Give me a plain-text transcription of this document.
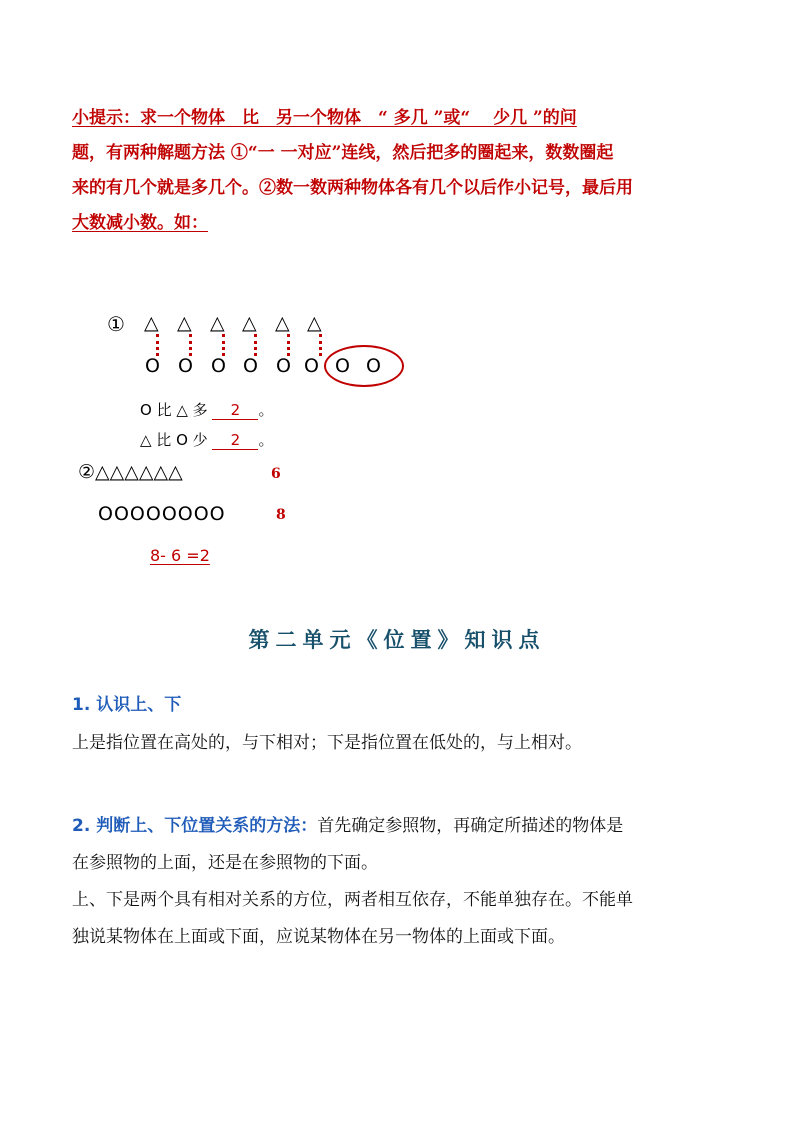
小提示：求一个物体　比　另一个物体　“ 多几 ”或“　 少几 ”的问
题，有两种解题方法 ①“一 一对应”连线，然后把多的圈起来，数数圈起
来的有几个就是多几个。②数一数两种物体各有几个以后作小记号，最后用
大数减小数。如：
① △ △ △ △ △ △
O O O O O O O O
O 比 △ 多 2 。
△ 比 O 少 2 。
②△△△△△△	6
OOOOOOOO	8
8- 6 =2
第二单元《位置》知识点
1. 认识上、下
上是指位置在高处的，与下相对；下是指位置在低处的，与上相对。
2. 判断上、下位置关系的方法：首先确定参照物，再确定所描述的物体是
在参照物的上面，还是在参照物的下面。
上、下是两个具有相对关系的方位，两者相互依存，不能单独存在。不能单
独说某物体在上面或下面，应说某物体在另一物体的上面或下面。
